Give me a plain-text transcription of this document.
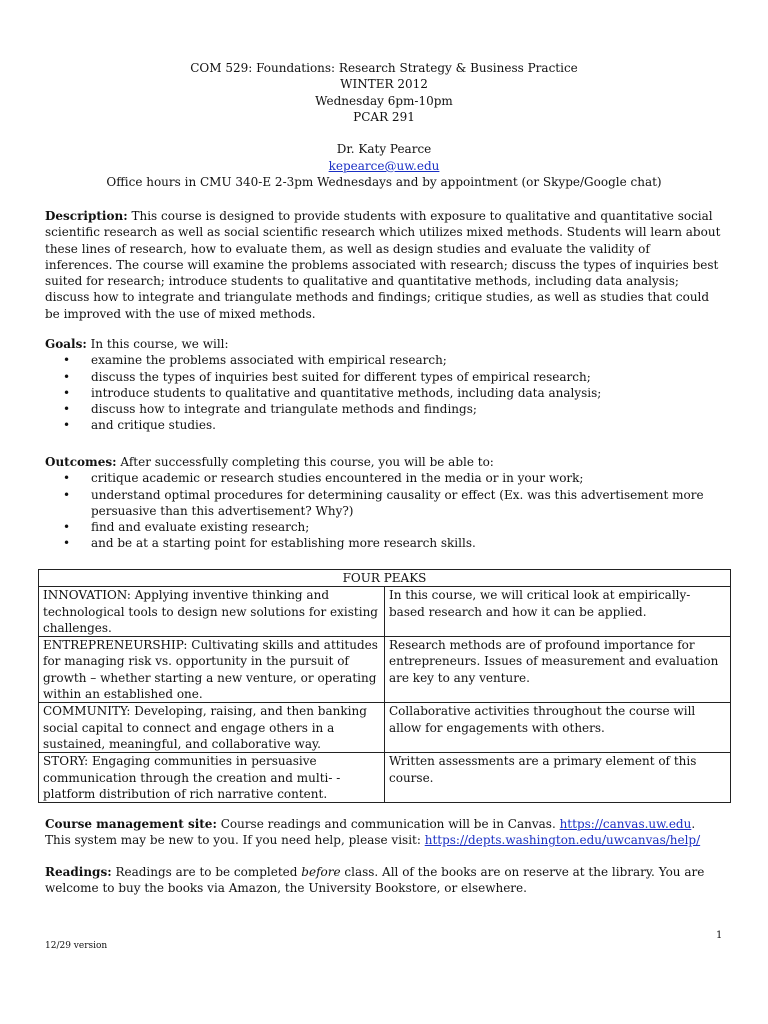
COM 529: Foundations: Research Strategy & Business Practice
WINTER 2012
Wednesday 6pm-10pm
PCAR 291
Dr. Katy Pearce
kepearce@uw.edu
Office hours in CMU 340-E 2-3pm Wednesdays and by appointment (or Skype/Google chat)
Description: This course is designed to provide students with exposure to qualitative and quantitative social scientific research as well as social scientific research which utilizes mixed methods. Students will learn about these lines of research, how to evaluate them, as well as design studies and evaluate the validity of inferences. The course will examine the problems associated with research; discuss the types of inquiries best suited for research; introduce students to qualitative and quantitative methods, including data analysis; discuss how to integrate and triangulate methods and findings; critique studies, as well as studies that could be improved with the use of mixed methods.
Goals: In this course, we will:
• examine the problems associated with empirical research;
• discuss the types of inquiries best suited for different types of empirical research;
• introduce students to qualitative and quantitative methods, including data analysis;
• discuss how to integrate and triangulate methods and findings;
• and critique studies.
Outcomes: After successfully completing this course, you will be able to:
• critique academic or research studies encountered in the media or in your work;
• understand optimal procedures for determining causality or effect (Ex. was this advertisement more persuasive than this advertisement? Why?)
• find and evaluate existing research;
• and be at a starting point for establishing more research skills.
FOUR PEAKS	
INNOVATION: Applying inventive thinking and technological tools to design new solutions for existing challenges.	In this course, we will critical look at empirically-based research and how it can be applied.
ENTREPRENEURSHIP: Cultivating skills and attitudes for managing risk vs. opportunity in the pursuit of growth – whether starting a new venture, or operating within an established one.	Research methods are of profound importance for entrepreneurs. Issues of measurement and evaluation are key to any venture.
COMMUNITY: Developing, raising, and then banking social capital to connect and engage others in a sustained, meaningful, and collaborative way.	Collaborative activities throughout the course will allow for engagements with others.
STORY: Engaging communities in persuasive communication through the creation and multi- -platform distribution of rich narrative content.	Written assessments are a primary element of this course.
Course management site: Course readings and communication will be in Canvas. https://canvas.uw.edu. This system may be new to you. If you need help, please visit: https://depts.washington.edu/uwcanvas/help/
Readings: Readings are to be completed before class. All of the books are on reserve at the library. You are welcome to buy the books via Amazon, the University Bookstore, or elsewhere.
1
12/29 version
